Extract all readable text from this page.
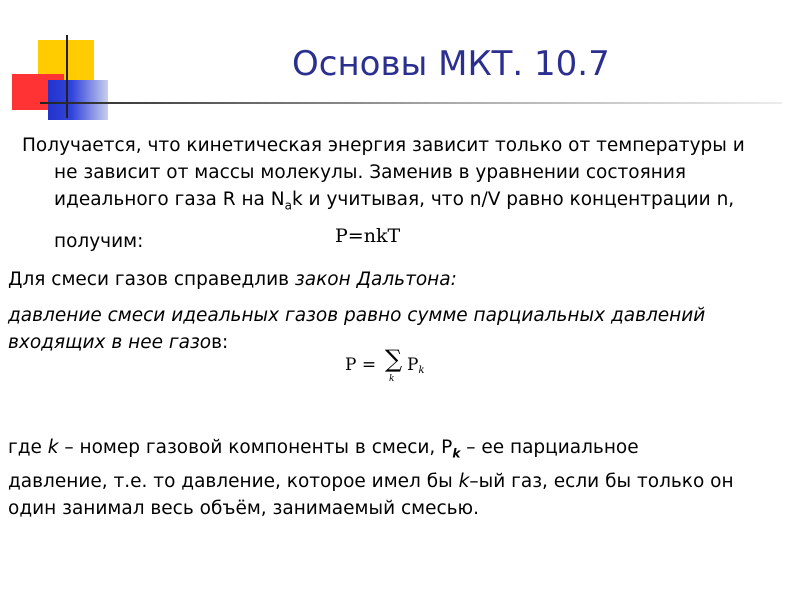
Основы МКТ. 10.7
Получается, что кинетическая энергия зависит только от температуры и
не зависит от массы молекулы. Заменив в уравнении состояния
идеального газа R на $N_ak$ и учитывая, что n/V равно концентрации n,
получим:	P=nkT
Для смеси газов справедлив закон Дальтона:
давление смеси идеальных газов равно сумме парциальных давлений
входящих в нее газов:
P = ∑
k
Pk
где k – номер газовой компоненты в смеси, $P_k$ – ее парциальное
давление, т.е. то давление, которое имел бы k–ый газ, если бы только он
один занимал весь объём, занимаемый смесью.
